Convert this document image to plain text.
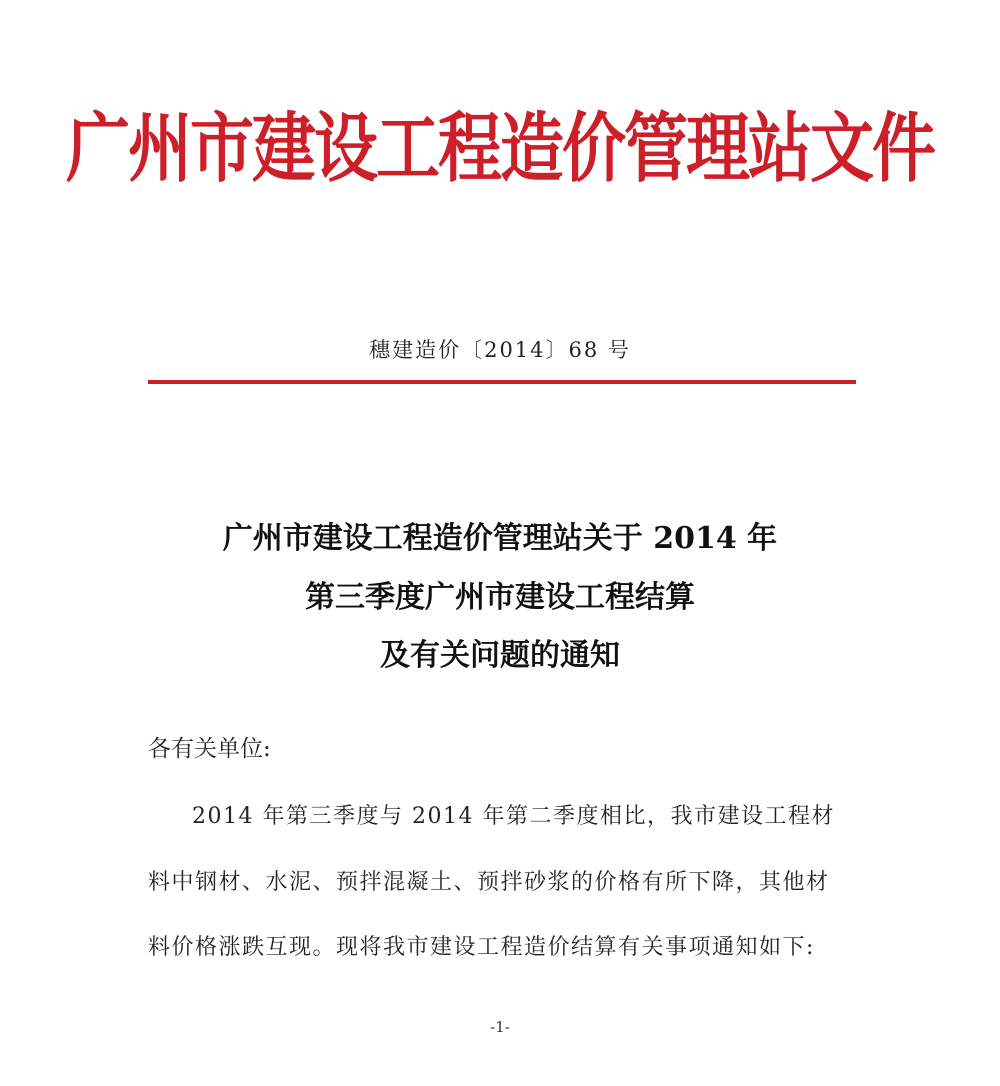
广州市建设工程造价管理站文件
穗建造价〔2014〕68 号
广州市建设工程造价管理站关于 2014 年
第三季度广州市建设工程结算
及有关问题的通知
各有关单位:
2014 年第三季度与 2014 年第二季度相比，我市建设工程材
料中钢材、水泥、预拌混凝土、预拌砂浆的价格有所下降，其他材
料价格涨跌互现。现将我市建设工程造价结算有关事项通知如下:
-1-
